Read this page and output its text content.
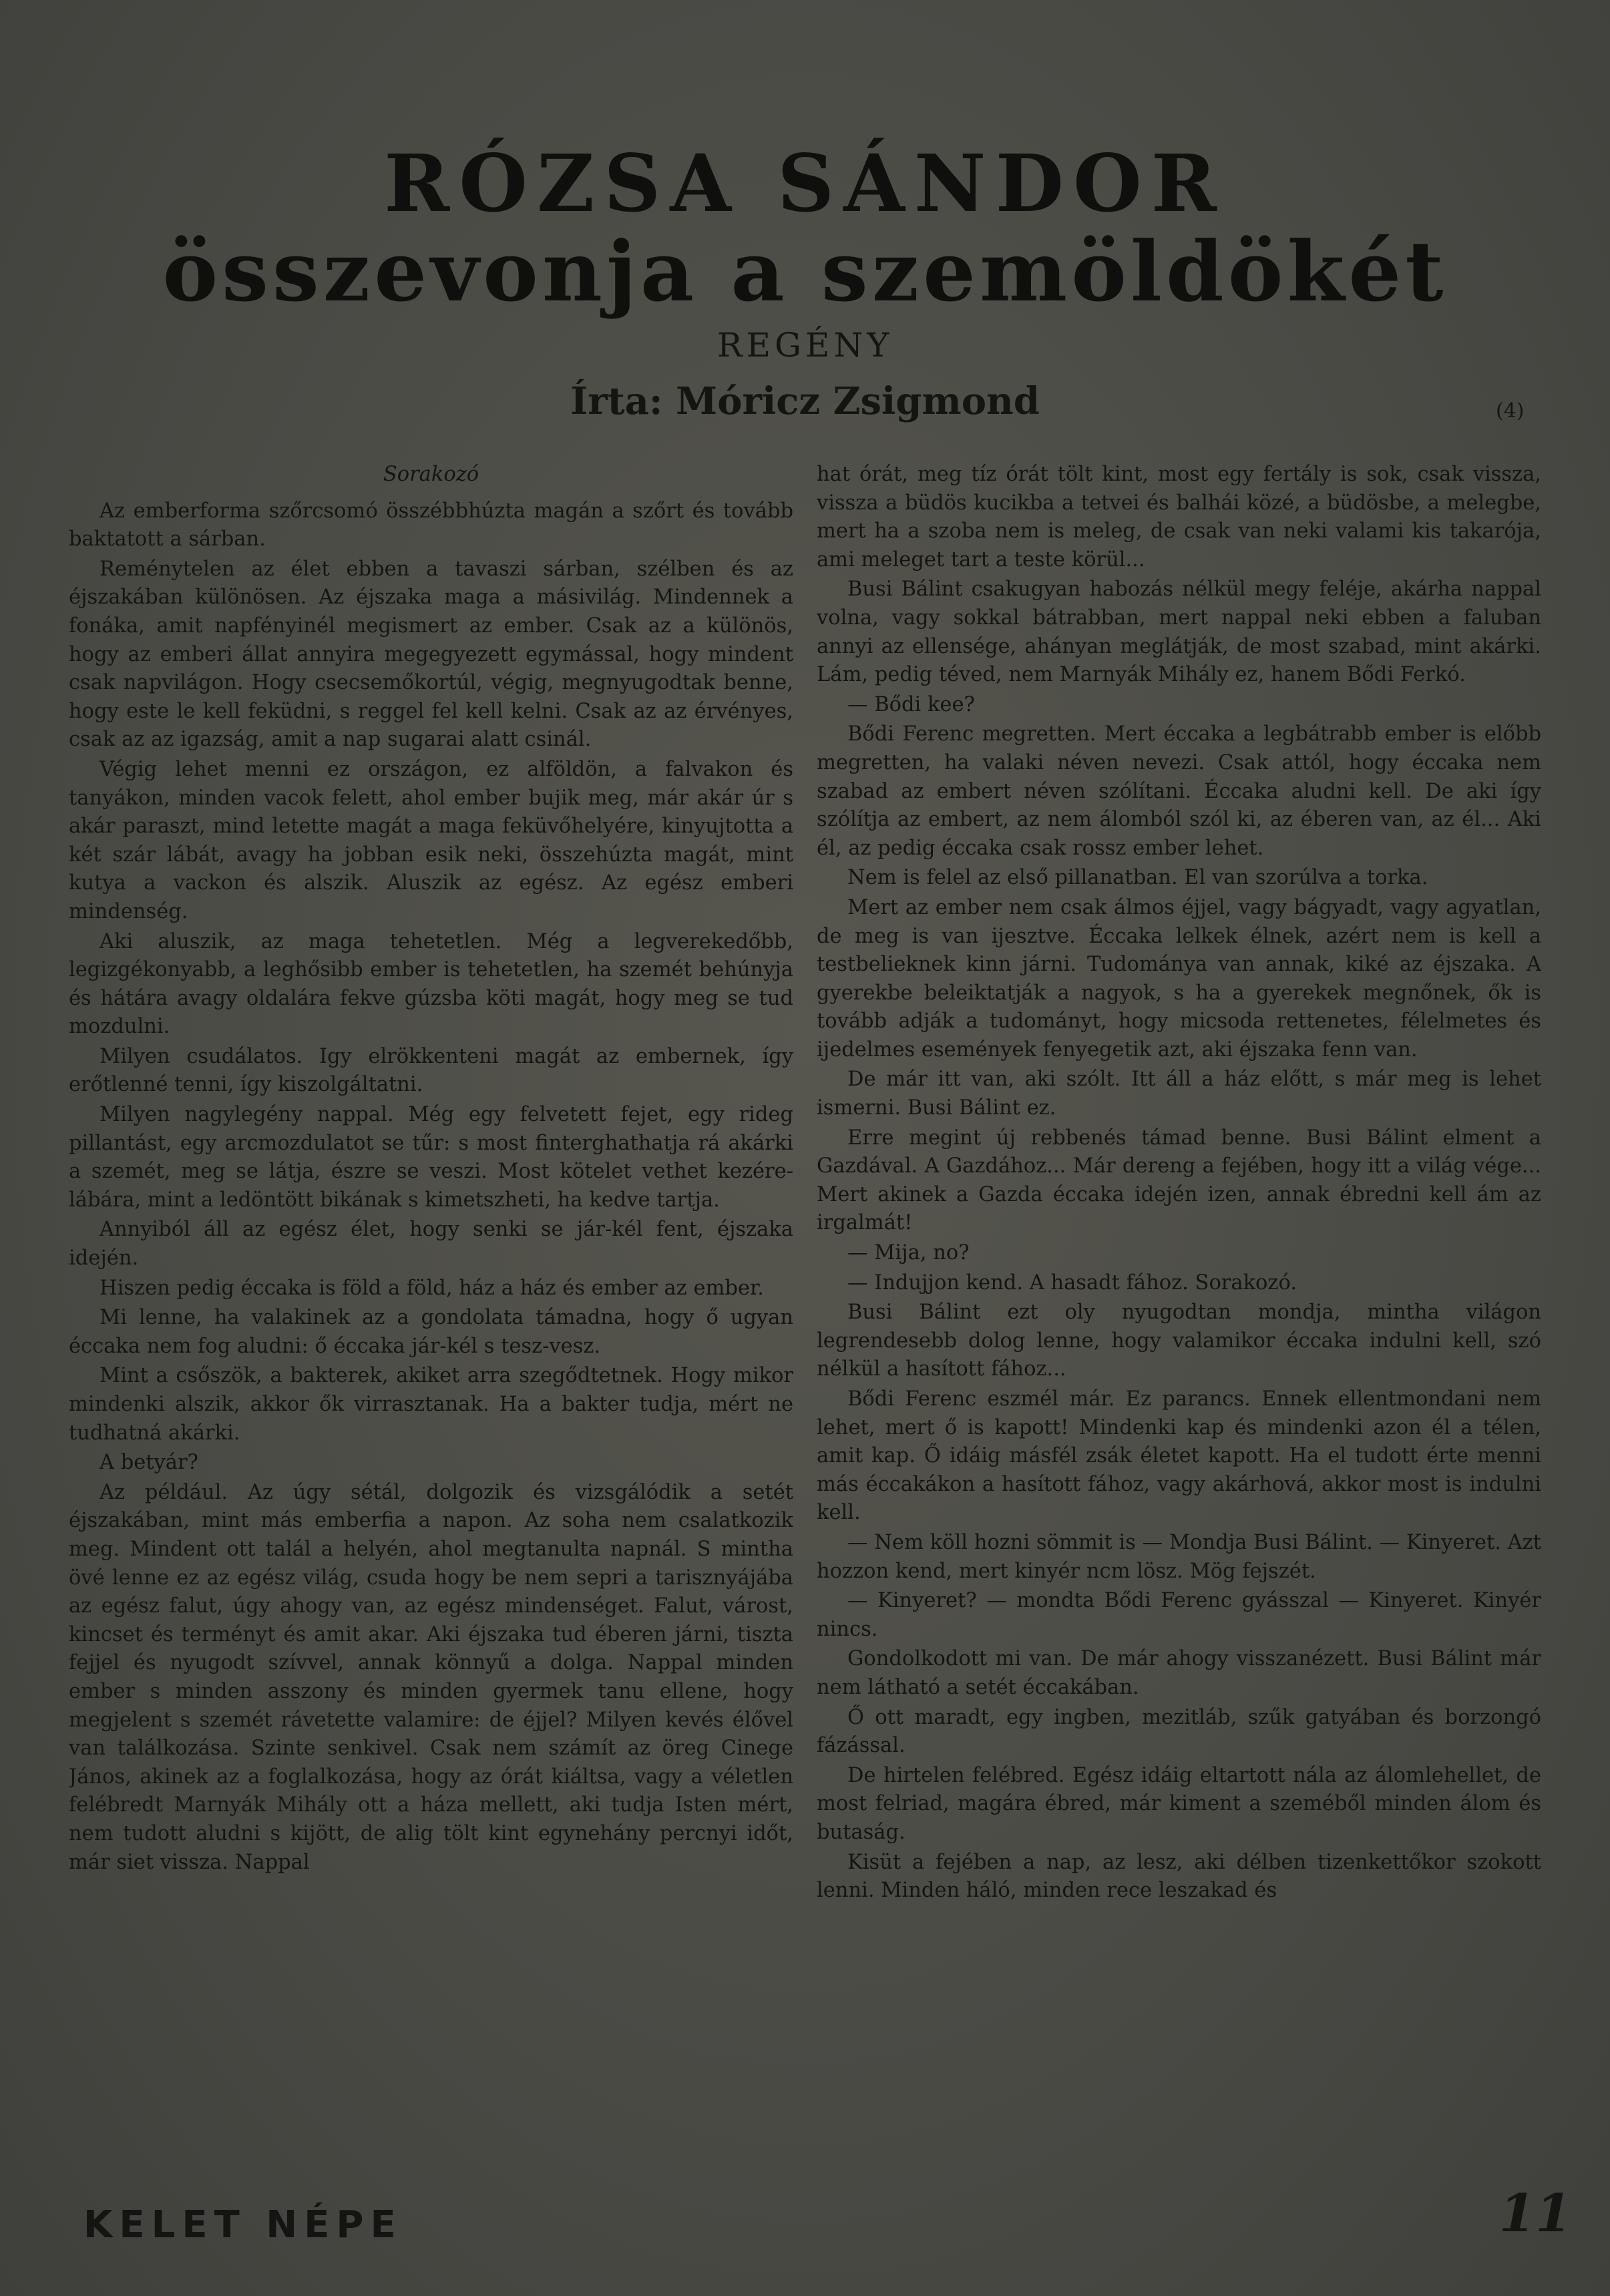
RÓZSA SÁNDOR
összevonja a szemöldökét
REGÉNY
Írta: Móricz Zsigmond	(4)

Sorakozó

Az emberforma szőrcsomó összébbhúzta magán a szőrt és tovább baktatott a sárban.

Reménytelen az élet ebben a tavaszi sárban, szélben és az éjszakában különösen. Az éjszaka maga a másivilág. Mindennek a fonáka, amit napfényinél megismert az ember. Csak az a különös, hogy az emberi állat annyira megegyezett egymással, hogy mindent csak napvilágon. Hogy csecsemőkortúl, végig, megnyugodtak benne, hogy este le kell feküdni, s reggel fel kell kelni. Csak az az érvényes, csak az az igazság, amit a nap sugarai alatt csinál.

Végig lehet menni ez országon, ez alföldön, a falvakon és tanyákon, minden vacok felett, ahol ember bujik meg, már akár úr s akár paraszt, mind letette magát a maga feküvőhelyére, kinyujtotta a két szár lábát, avagy ha jobban esik neki, összehúzta magát, mint kutya a vackon és alszik. Aluszik az egész. Az egész emberi mindenség.

Aki aluszik, az maga tehetetlen. Még a legverekedőbb, legizgékonyabb, a leghősibb ember is tehetetlen, ha szemét behúnyja és hátára avagy oldalára fekve gúzsba köti magát, hogy meg se tud mozdulni.

Milyen csudálatos. Igy elrökkenteni magát az embernek, így erőtlenné tenni, így kiszolgáltatni.

Milyen nagylegény nappal. Még egy felvetett fejet, egy rideg pillantást, egy arcmozdulatot se tűr: s most finterghathatja rá akárki a szemét, meg se látja, észre se veszi. Most kötelet vethet kezére-lábára, mint a ledöntött bikának s kimetszheti, ha kedve tartja.

Annyiból áll az egész élet, hogy senki se jár-kél fent, éjszaka idején.

Hiszen pedig éccaka is föld a föld, ház a ház és ember az ember.

Mi lenne, ha valakinek az a gondolata támadna, hogy ő ugyan éccaka nem fog aludni: ő éccaka jár-kél s tesz-vesz.

Mint a csőszök, a bakterek, akiket arra szegődtetnek. Hogy mikor mindenki alszik, akkor ők virrasztanak. Ha a bakter tudja, mért ne tudhatná akárki.

A betyár?

Az például. Az úgy sétál, dolgozik és vizsgálódik a setét éjszakában, mint más emberfia a napon. Az soha nem csalatkozik meg. Mindent ott talál a helyén, ahol megtanulta napnál. S mintha övé lenne ez az egész világ, csuda hogy be nem sepri a tarisznyájába az egész falut, úgy ahogy van, az egész mindenséget. Falut, várost, kincset és terményt és amit akar. Aki éjszaka tud éberen járni, tiszta fejjel és nyugodt szívvel, annak könnyű a dolga. Nappal minden ember s minden asszony és minden gyermek tanu ellene, hogy megjelent s szemét rávetette valamire: de éjjel? Milyen kevés élővel van találkozása. Szinte senkivel. Csak nem számít az öreg Cinege János, akinek az a foglalkozása, hogy az órát kiáltsa, vagy a véletlen felébredt Marnyák Mihály ott a háza mellett, aki tudja Isten mért, nem tudott aludni s kijött, de alig tölt kint egynehány percnyi időt, már siet vissza. Nappal

hat órát, meg tíz órát tölt kint, most egy fertály is sok, csak vissza, vissza a büdös kucikba a tetvei és balhái közé, a büdösbe, a melegbe, mert ha a szoba nem is meleg, de csak van neki valami kis takarója, ami meleget tart a teste körül...

Busi Bálint csakugyan habozás nélkül megy feléje, akárha nappal volna, vagy sokkal bátrabban, mert nappal neki ebben a faluban annyi az ellensége, ahányan meglátják, de most szabad, mint akárki. Lám, pedig téved, nem Marnyák Mihály ez, hanem Bődi Ferkó.

— Bődi kee?

Bődi Ferenc megretten. Mert éccaka a legbátrabb ember is előbb megretten, ha valaki néven nevezi. Csak attól, hogy éccaka nem szabad az embert néven szólítani. Éccaka aludni kell. De aki így szólítja az embert, az nem álomból szól ki, az éberen van, az él... Aki él, az pedig éccaka csak rossz ember lehet.

Nem is felel az első pillanatban. El van szorúlva a torka.

Mert az ember nem csak álmos éjjel, vagy bágyadt, vagy agyatlan, de meg is van ijesztve. Éccaka lelkek élnek, azért nem is kell a testbelieknek kinn járni. Tudománya van annak, kiké az éjszaka. A gyerekbe beleiktatják a nagyok, s ha a gyerekek megnőnek, ők is tovább adják a tudományt, hogy micsoda rettenetes, félelmetes és ijedelmes események fenyegetik azt, aki éjszaka fenn van.

De már itt van, aki szólt. Itt áll a ház előtt, s már meg is lehet ismerni. Busi Bálint ez.

Erre megint új rebbenés támad benne. Busi Bálint elment a Gazdával. A Gazdához... Már dereng a fejében, hogy itt a világ vége... Mert akinek a Gazda éccaka idején izen, annak ébredni kell ám az irgalmát!

— Mija, no?

— Indujjon kend. A hasadt fához. Sorakozó.

Busi Bálint ezt oly nyugodtan mondja, mintha világon legrendesebb dolog lenne, hogy valamikor éccaka indulni kell, szó nélkül a hasított fához...

Bődi Ferenc eszmél már. Ez parancs. Ennek ellentmondani nem lehet, mert ő is kapott! Mindenki kap és mindenki azon él a télen, amit kap. Ő idáig másfél zsák életet kapott. Ha el tudott érte menni más éccakákon a hasított fához, vagy akárhová, akkor most is indulni kell.

— Nem köll hozni sömmit is — Mondja Busi Bálint. — Kinyeret. Azt hozzon kend, mert kinyér ncm lösz. Mög fejszét.

— Kinyeret? — mondta Bődi Ferenc gyásszal — Kinyeret. Kinyér nincs.

Gondolkodott mi van. De már ahogy visszanézett. Busi Bálint már nem látható a setét éccakában.

Ő ott maradt, egy ingben, mezitláb, szűk gatyában és borzongó fázással.

De hirtelen felébred. Egész idáig eltartott nála az álomlehellet, de most felriad, magára ébred, már kiment a szeméből minden álom és butaság.

Kisüt a fejében a nap, az lesz, aki délben tizenkettőkor szokott lenni. Minden háló, minden rece leszakad és

KELET NÉPE	11
